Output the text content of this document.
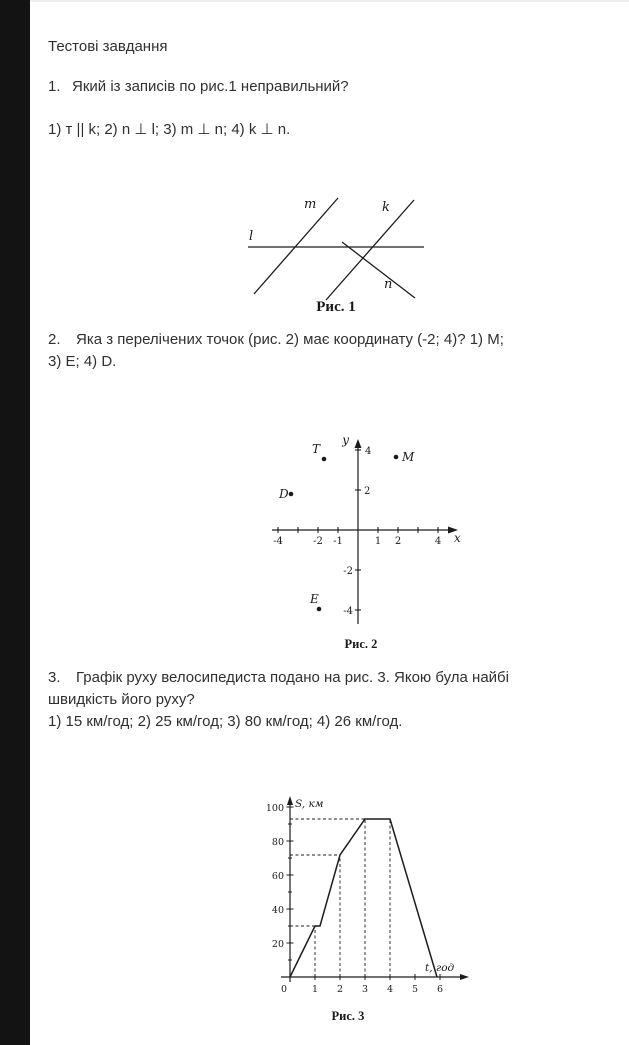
Тестові завдання
1. Який із записів по рис.1 неправильний?
1) т || k; 2) n ⊥ l; 3) m ⊥ n; 4) k ⊥ n.
l
m	k
n
Рис. 1
2. Яка з перелічених точок (рис. 2) має координату (-2; 4)? 1) M;
3) E; 4) D.
-4	-2 -1	1 2	4
4
2
-2
-4
y
x
T
M
D
E
Рис. 2
3. Графік руху велосипедиста подано на рис. 3. Якою була найбі
швидкість його руху?
1) 15 км/год; 2) 25 км/год; 3) 80 км/год; 4) 26 км/год.
100
80
60
40
20
0	1 2 3 4 5 6
S, км
t, год
Рис. 3
